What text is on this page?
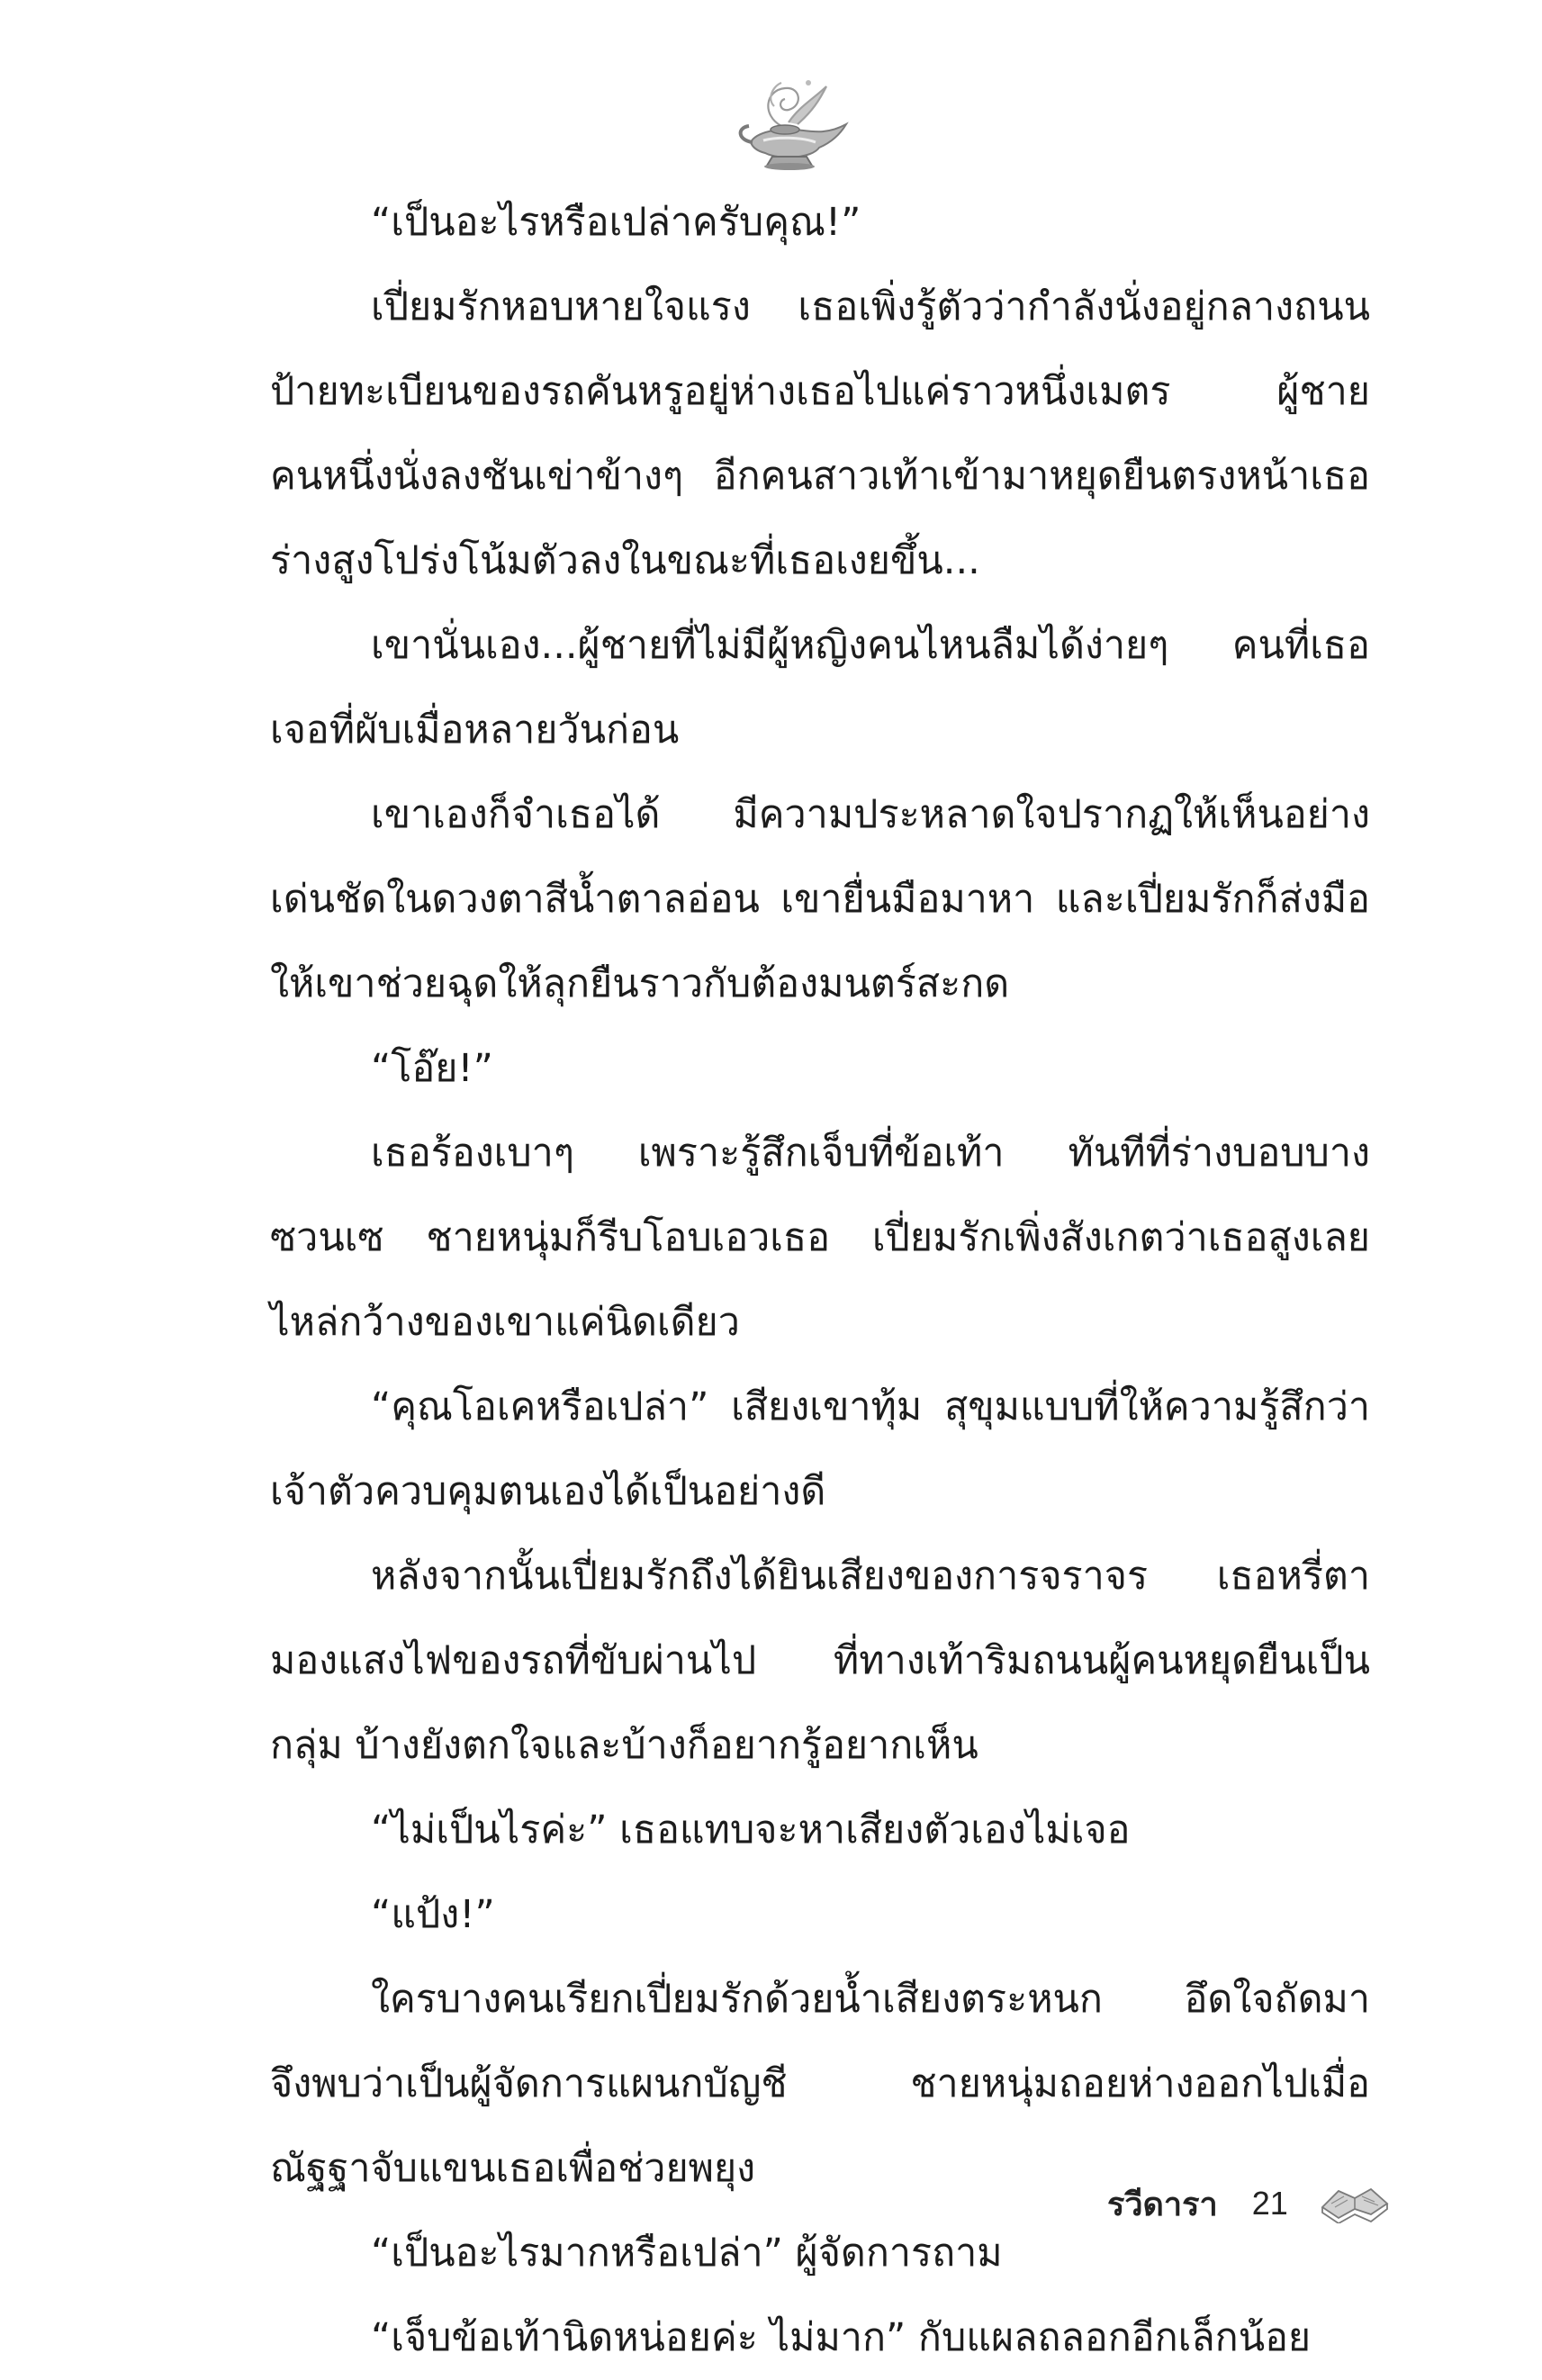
“เป็นอะไรหรือเปล่าครับคุณ!”
เปี่ยมรักหอบหายใจแรง เธอเพิ่งรู้ตัวว่ากำลังนั่งอยู่กลางถนน
ป้ายทะเบียนของรถคันหรูอยู่ห่างเธอไปแค่ราวหนึ่งเมตร ผู้ชาย
คนหนึ่งนั่งลงชันเข่าข้างๆ อีกคนสาวเท้าเข้ามาหยุดยืนตรงหน้าเธอ
ร่างสูงโปร่งโน้มตัวลงในขณะที่เธอเงยขึ้น...
เขานั่นเอง...ผู้ชายที่ไม่มีผู้หญิงคนไหนลืมได้ง่ายๆ คนที่เธอ
เจอที่ผับเมื่อหลายวันก่อน
เขาเองก็จำเธอได้ มีความประหลาดใจปรากฏให้เห็นอย่าง
เด่นชัดในดวงตาสีน้ำตาลอ่อน เขายื่นมือมาหา และเปี่ยมรักก็ส่งมือ
ให้เขาช่วยฉุดให้ลุกยืนราวกับต้องมนตร์สะกด
“โอ๊ย!”
เธอร้องเบาๆ เพราะรู้สึกเจ็บที่ข้อเท้า ทันทีที่ร่างบอบบาง
ซวนเซ ชายหนุ่มก็รีบโอบเอวเธอ เปี่ยมรักเพิ่งสังเกตว่าเธอสูงเลย
ไหล่กว้างของเขาแค่นิดเดียว
“คุณโอเคหรือเปล่า” เสียงเขาทุ้ม สุขุมแบบที่ให้ความรู้สึกว่า
เจ้าตัวควบคุมตนเองได้เป็นอย่างดี
หลังจากนั้นเปี่ยมรักถึงได้ยินเสียงของการจราจร เธอหรี่ตา
มองแสงไฟของรถที่ขับผ่านไป ที่ทางเท้าริมถนนผู้คนหยุดยืนเป็น
กลุ่ม บ้างยังตกใจและบ้างก็อยากรู้อยากเห็น
“ไม่เป็นไรค่ะ” เธอแทบจะหาเสียงตัวเองไม่เจอ
“แป้ง!”
ใครบางคนเรียกเปี่ยมรักด้วยน้ำเสียงตระหนก อึดใจถัดมา
จึงพบว่าเป็นผู้จัดการแผนกบัญชี ชายหนุ่มถอยห่างออกไปเมื่อ
ณัฐฐาจับแขนเธอเพื่อช่วยพยุง
“เป็นอะไรมากหรือเปล่า” ผู้จัดการถาม
“เจ็บข้อเท้านิดหน่อยค่ะ ไม่มาก” กับแผลถลอกอีกเล็กน้อย
รวีดารา 21
